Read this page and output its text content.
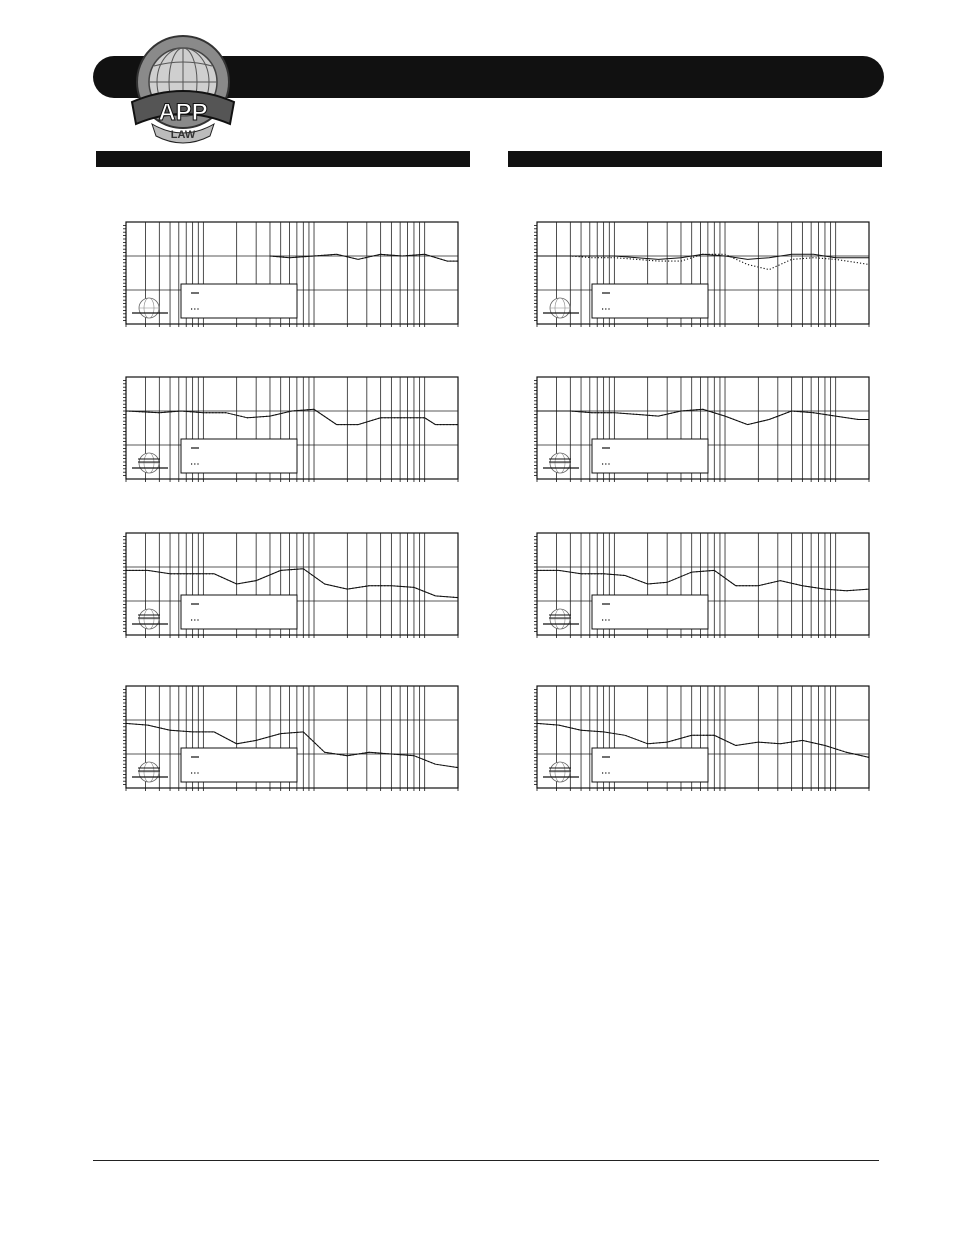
APP
LAW
